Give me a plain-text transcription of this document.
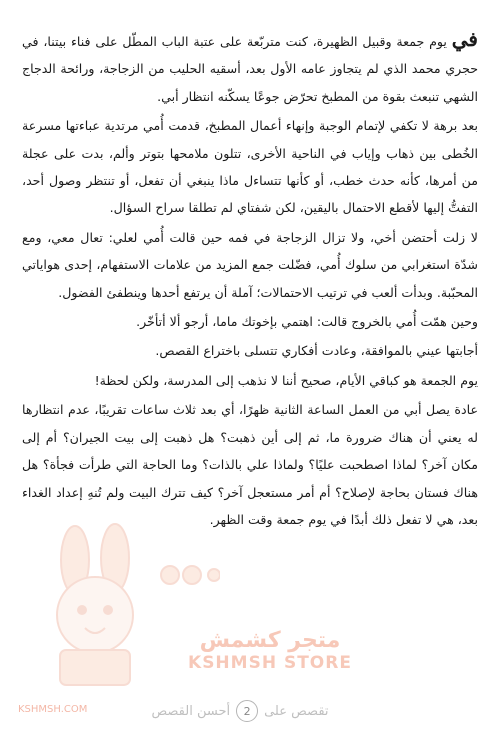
في يوم جمعة وقبيل الظهيرة، كنت متربّعة على عتبة الباب المطّل على فناء بيتنا، في حجري محمد الذي لم يتجاوز عامه الأول بعد، أسقيه الحليب من الزجاجة، ورائحة الدجاج الشهي تنبعث بقوة من المطبخ تحرّض جوعًا يسكّنه انتظار أبي.

بعد برهة لا تكفي لإتمام الوجبة وإنهاء أعمال المطبخ، قدمت أُمي مرتدية عباءتها مسرعة الخُطى بين ذهاب وإياب في الناحية الأخرى، تتلون ملامحها بتوتر وألم، بدت على عجلة من أمرها، كأنه حدث خطب، أو كأنها تتساءل ماذا ينبغي أن تفعل، أو تنتظر وصول أحد، التفتُّ إليها لأقطع الاحتمال باليقين، لكن شفتاي لم تطلقا سراح السؤال.

لا زلت أحتضن أخي، ولا تزال الزجاجة في فمه حين قالت أُمي لعلي: تعال معي، ومع شدّة استغرابي من سلوك أُمي، فضّلت جمع المزيد من علامات الاستفهام، إحدى هواياتي المحبّبة. وبدأت ألعب في ترتيب الاحتمالات؛ آملة أن يرتفع أحدها وينطفئ الفضول.

وحين همّت أُمي بالخروج قالت: اهتمي بإخوتك ماما، أرجو ألا أتأخّر.

أجابتها عيني بالموافقة، وعادت أفكاري تتسلى باختراع القصص.

يوم الجمعة هو كباقي الأيام، صحيح أننا لا نذهب إلى المدرسة، ولكن لحظة!

عادة يصل أبي من العمل الساعة الثانية ظهرًا، أي بعد ثلاث ساعات تقريبًا، عدم انتظارها له يعني أن هناك ضرورة ما، ثم إلى أين ذهبت؟ هل ذهبت إلى بيت الجيران؟ أم إلى مكان آخر؟ لماذا اصطحبت عليًا؟ ولماذا علي بالذات؟ وما الحاجة التي طرأت فجأة؟ هل هناك فستان بحاجة لإصلاح؟ أم أمر مستعجل آخر؟ كيف تترك البيت ولم تُنهِ إعداد الغداء بعد، هي لا تفعل ذلك أبدًا في يوم جمعة وقت الظهر.

متجر كشمش
KSHMSH STORE
KSHMSH.COM	تقصص على
2
أحسن القصص
